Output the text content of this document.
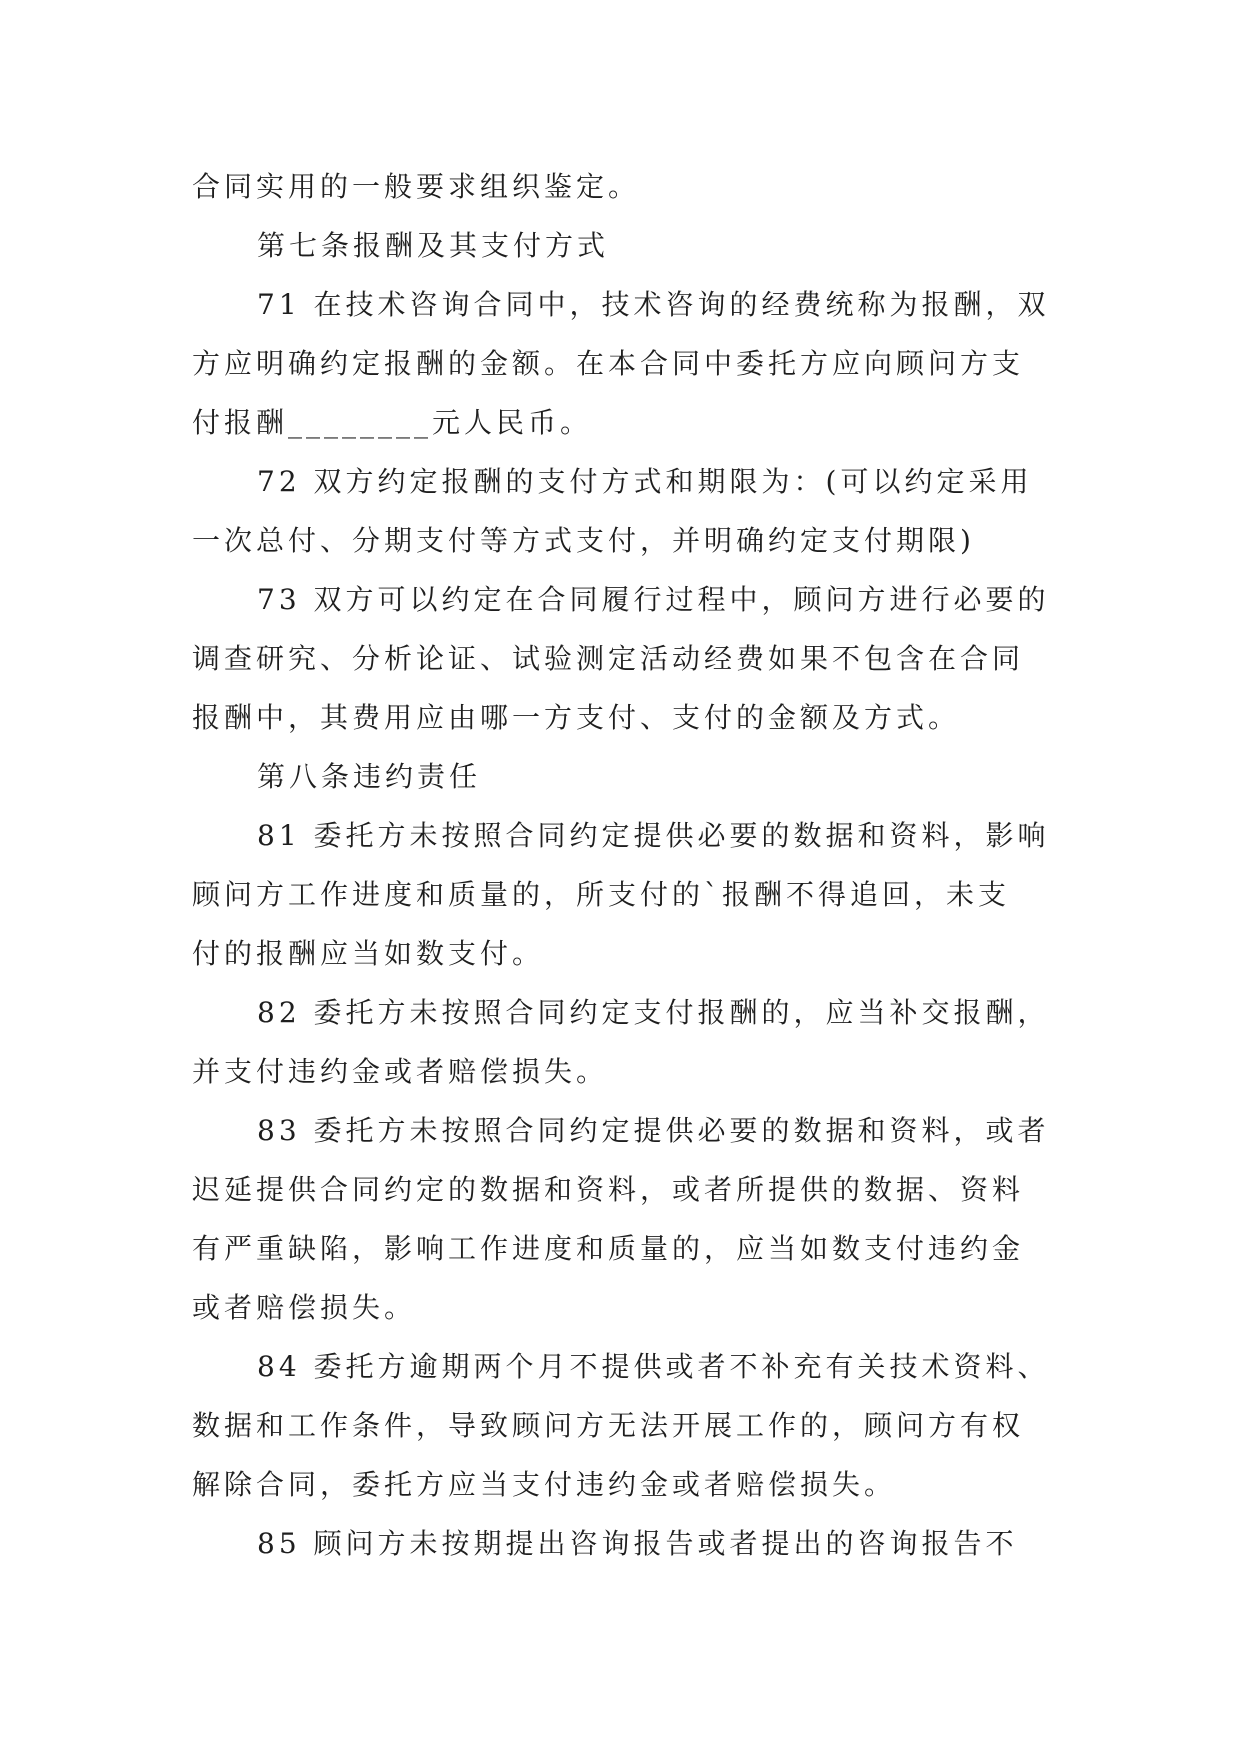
合同实用的一般要求组织鉴定。
第七条报酬及其支付方式
71 在技术咨询合同中，技术咨询的经费统称为报酬，双
方应明确约定报酬的金额。在本合同中委托方应向顾问方支
付报酬________元人民币。
72 双方约定报酬的支付方式和期限为：(可以约定采用
一次总付、分期支付等方式支付，并明确约定支付期限)
73 双方可以约定在合同履行过程中，顾问方进行必要的
调查研究、分析论证、试验测定活动经费如果不包含在合同
报酬中，其费用应由哪一方支付、支付的金额及方式。
第八条违约责任
81 委托方未按照合同约定提供必要的数据和资料，影响
顾问方工作进度和质量的，所支付的`报酬不得追回，未支
付的报酬应当如数支付。
82 委托方未按照合同约定支付报酬的，应当补交报酬，
并支付违约金或者赔偿损失。
83 委托方未按照合同约定提供必要的数据和资料，或者
迟延提供合同约定的数据和资料，或者所提供的数据、资料
有严重缺陷，影响工作进度和质量的，应当如数支付违约金
或者赔偿损失。
84 委托方逾期两个月不提供或者不补充有关技术资料、
数据和工作条件，导致顾问方无法开展工作的，顾问方有权
解除合同，委托方应当支付违约金或者赔偿损失。
85 顾问方未按期提出咨询报告或者提出的咨询报告不
